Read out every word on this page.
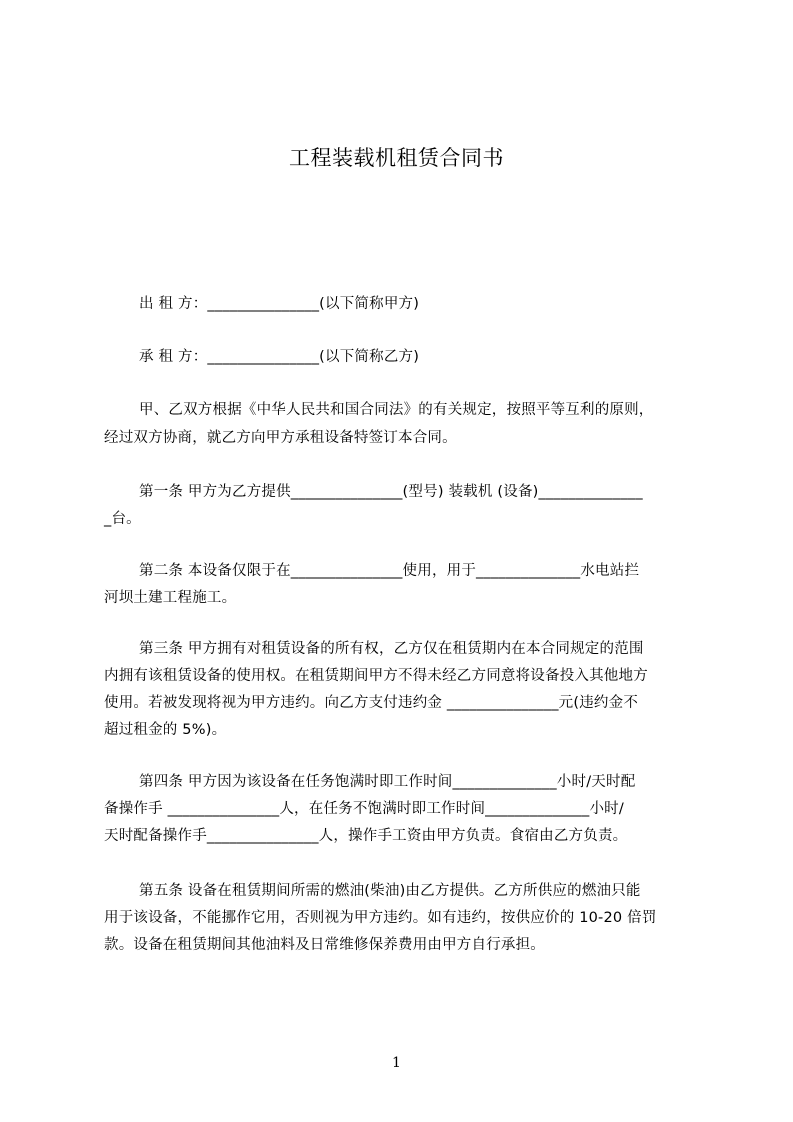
工程装载机租赁合同书
出 租 方：_______________(以下简称甲方)
承 租 方：_______________(以下简称乙方)
甲、乙双方根据《中华人民共和国合同法》的有关规定，按照平等互利的原则，
经过双方协商，就乙方向甲方承租设备特签订本合同。
第一条 甲方为乙方提供_______________(型号) 装载机 (设备)______________
_台。
第二条 本设备仅限于在_______________使用，用于______________水电站拦
河坝土建工程施工。
第三条 甲方拥有对租赁设备的所有权，乙方仅在租赁期内在本合同规定的范围
内拥有该租赁设备的使用权。在租赁期间甲方不得未经乙方同意将设备投入其他地方
使用。若被发现将视为甲方违约。向乙方支付违约金 _______________元(违约金不
超过租金的 5%)。
第四条 甲方因为该设备在任务饱满时即工作时间______________小时/天时配
备操作手 _______________人，在任务不饱满时即工作时间______________小时/
天时配备操作手_______________人，操作手工资由甲方负责。食宿由乙方负责。
第五条 设备在租赁期间所需的燃油(柴油)由乙方提供。乙方所供应的燃油只能
用于该设备，不能挪作它用，否则视为甲方违约。如有违约，按供应价的 10-20 倍罚
款。设备在租赁期间其他油料及日常维修保养费用由甲方自行承担。
1
